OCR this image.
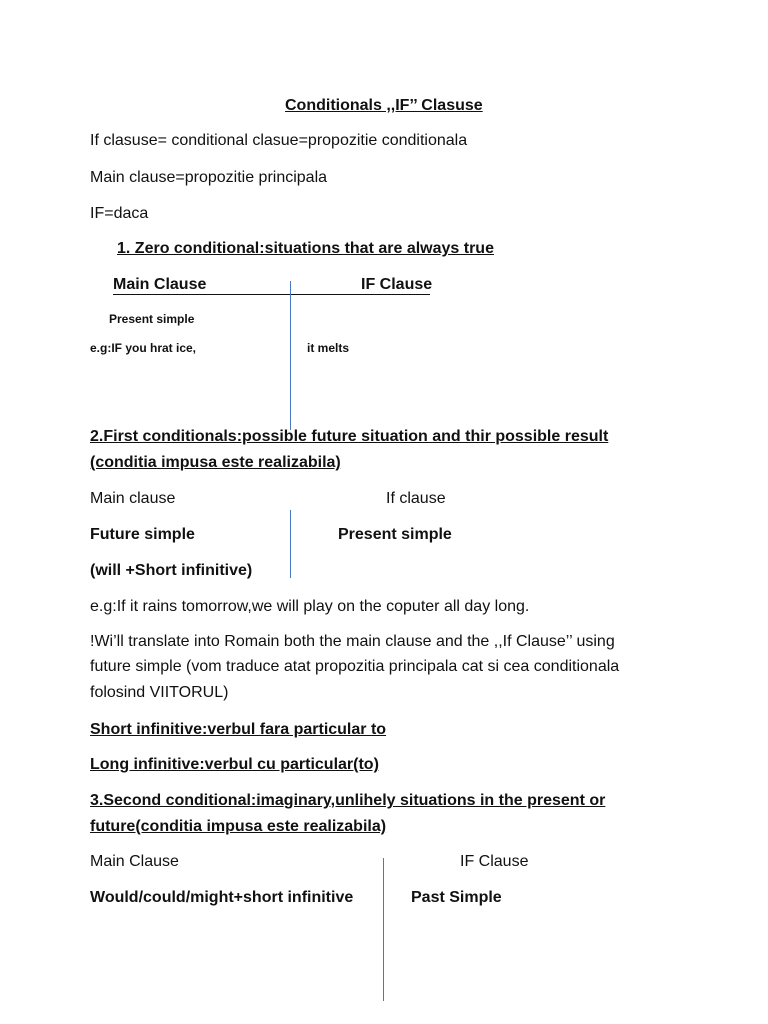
Conditionals ,,IF’’ Clasuse
If clasuse= conditional clasue=propozitie conditionala
Main clause=propozitie principala
IF=daca
1. Zero conditional:situations that are always true
Main Clause	IF Clause
Present simple
e.g:IF you hrat ice,	it melts
2.First conditionals:possible future situation and thir possible result
(conditia impusa este realizabila)
Main clause	If clause
Future simple	Present simple
(will +Short infinitive)
e.g:If it rains tomorrow,we will play on the coputer all day long.
!Wi’ll translate into Romain both the main clause and the ,,If Clause’’ using
future simple (vom traduce atat propozitia principala cat si cea conditionala
folosind VIITORUL)
Short infinitive:verbul fara particular to
Long infinitive:verbul cu particular(to)
3.Second conditional:imaginary,unlihely situations in the present or
future(conditia impusa este realizabila)
Main Clause	IF Clause
Would/could/might+short infinitive	Past Simple
